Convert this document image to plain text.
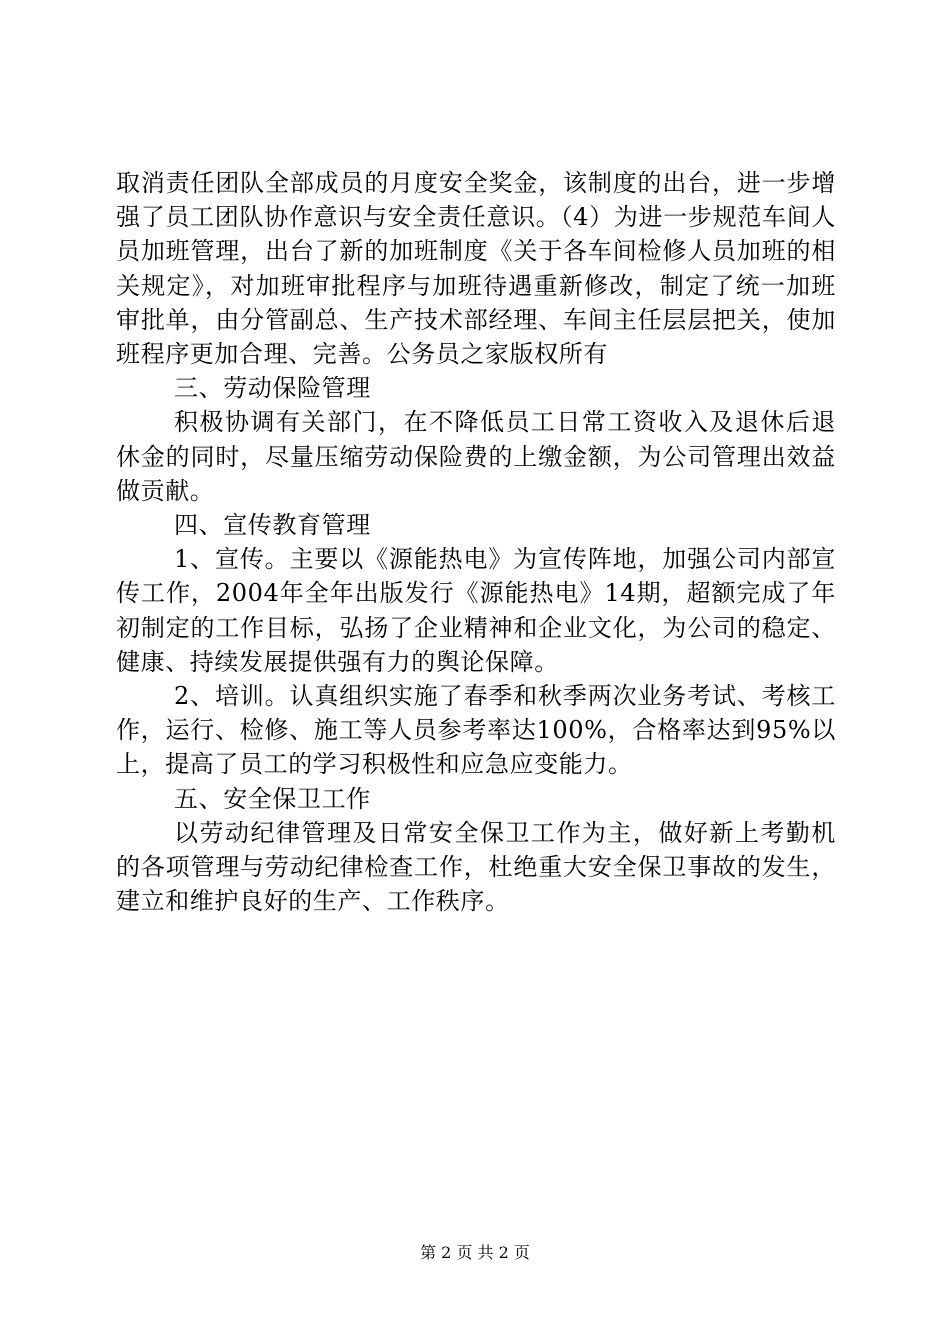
取消责任团队全部成员的月度安全奖金，该制度的出台，进一步增强了员工团队协作意识与安全责任意识。（4）为进一步规范车间人员加班管理，出台了新的加班制度《关于各车间检修人员加班的相关规定》，对加班审批程序与加班待遇重新修改，制定了统一加班审批单，由分管副总、生产技术部经理、车间主任层层把关，使加班程序更加合理、完善。公务员之家版权所有

三、劳动保险管理

积极协调有关部门，在不降低员工日常工资收入及退休后退休金的同时，尽量压缩劳动保险费的上缴金额，为公司管理出效益做贡献。

四、宣传教育管理

1、宣传。主要以《源能热电》为宣传阵地，加强公司内部宣传工作，2004年全年出版发行《源能热电》14期，超额完成了年初制定的工作目标，弘扬了企业精神和企业文化，为公司的稳定、健康、持续发展提供强有力的舆论保障。

2、培训。认真组织实施了春季和秋季两次业务考试、考核工作，运行、检修、施工等人员参考率达100%，合格率达到95%以上，提高了员工的学习积极性和应急应变能力。

五、安全保卫工作

以劳动纪律管理及日常安全保卫工作为主，做好新上考勤机的各项管理与劳动纪律检查工作，杜绝重大安全保卫事故的发生，建立和维护良好的生产、工作秩序。

第 2 页 共 2 页
